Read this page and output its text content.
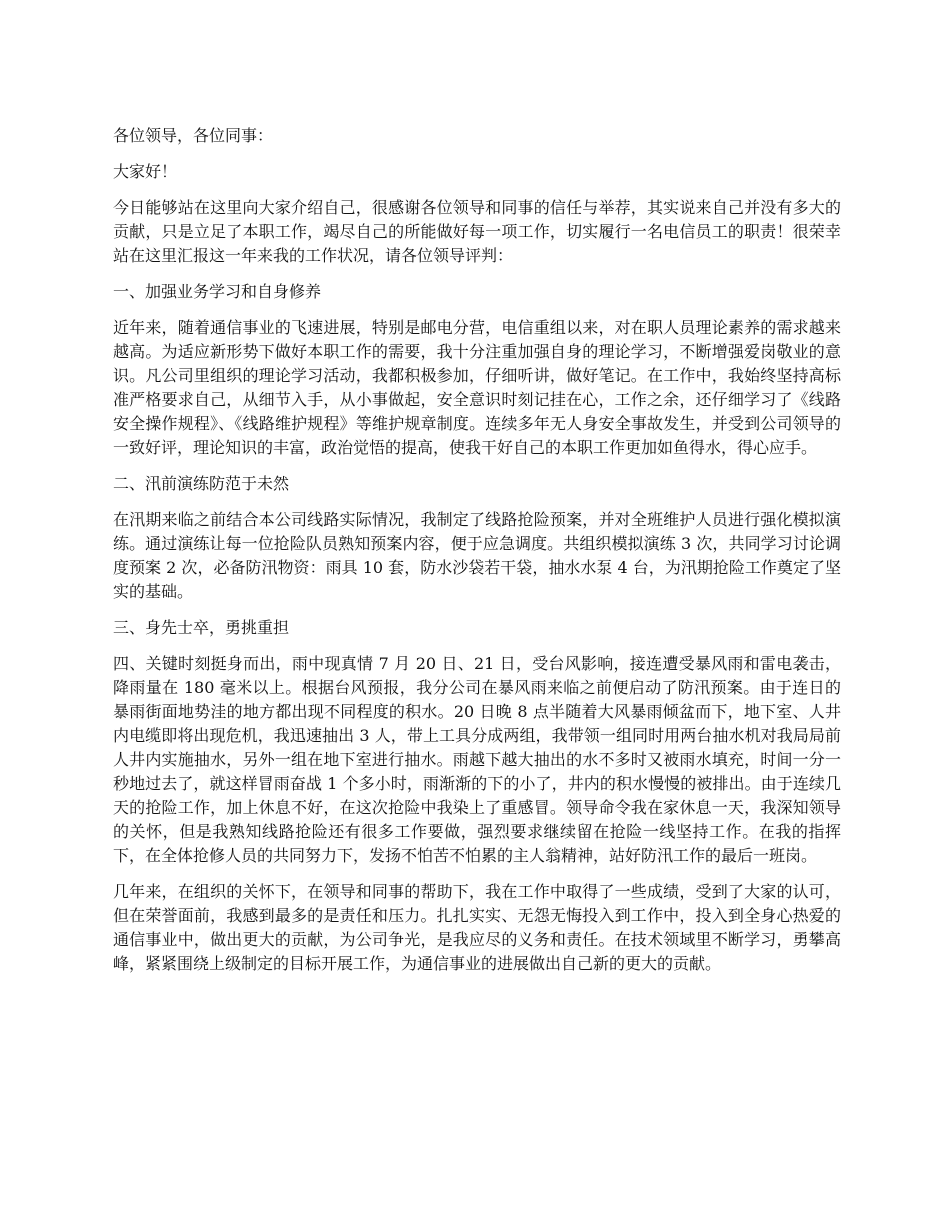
各位领导，各位同事：

大家好！

今日能够站在这里向大家介绍自己，很感谢各位领导和同事的信任与举荐，其实说来自己并没有多大的贡献，只是立足了本职工作，竭尽自己的所能做好每一项工作，切实履行一名电信员工的职责！很荣幸站在这里汇报这一年来我的工作状况，请各位领导评判：

一、加强业务学习和自身修养

近年来，随着通信事业的飞速进展，特别是邮电分营，电信重组以来，对在职人员理论素养的需求越来越高。为适应新形势下做好本职工作的需要，我十分注重加强自身的理论学习，不断增强爱岗敬业的意识。凡公司里组织的理论学习活动，我都积极参加，仔细听讲，做好笔记。在工作中，我始终坚持高标准严格要求自己，从细节入手，从小事做起，安全意识时刻记挂在心，工作之余，还仔细学习了《线路安全操作规程》、《线路维护规程》等维护规章制度。连续多年无人身安全事故发生，并受到公司领导的一致好评，理论知识的丰富，政治觉悟的提高，使我干好自己的本职工作更加如鱼得水，得心应手。

二、汛前演练防范于未然

在汛期来临之前结合本公司线路实际情况，我制定了线路抢险预案，并对全班维护人员进行强化模拟演练。通过演练让每一位抢险队员熟知预案内容，便于应急调度。共组织模拟演练 3 次，共同学习讨论调度预案 2 次，必备防汛物资：雨具 10 套，防水沙袋若干袋，抽水水泵 4 台，为汛期抢险工作奠定了坚实的基础。

三、身先士卒，勇挑重担

四、关键时刻挺身而出，雨中现真情 7 月 20 日、21 日，受台风影响，接连遭受暴风雨和雷电袭击，降雨量在 180 毫米以上。根据台风预报，我分公司在暴风雨来临之前便启动了防汛预案。由于连日的暴雨街面地势洼的地方都出现不同程度的积水。20 日晚 8 点半随着大风暴雨倾盆而下，地下室、人井内电缆即将出现危机，我迅速抽出 3 人，带上工具分成两组，我带领一组同时用两台抽水机对我局局前人井内实施抽水，另外一组在地下室进行抽水。雨越下越大抽出的水不多时又被雨水填充，时间一分一秒地过去了，就这样冒雨奋战 1 个多小时，雨渐渐的下的小了，井内的积水慢慢的被排出。由于连续几天的抢险工作，加上休息不好，在这次抢险中我染上了重感冒。领导命令我在家休息一天，我深知领导的关怀，但是我熟知线路抢险还有很多工作要做，强烈要求继续留在抢险一线坚持工作。在我的指挥下，在全体抢修人员的共同努力下，发扬不怕苦不怕累的主人翁精神，站好防汛工作的最后一班岗。

几年来，在组织的关怀下，在领导和同事的帮助下，我在工作中取得了一些成绩，受到了大家的认可，但在荣誉面前，我感到最多的是责任和压力。扎扎实实、无怨无悔投入到工作中，投入到全身心热爱的通信事业中，做出更大的贡献，为公司争光，是我应尽的义务和责任。在技术领域里不断学习，勇攀高峰，紧紧围绕上级制定的目标开展工作，为通信事业的进展做出自己新的更大的贡献。
